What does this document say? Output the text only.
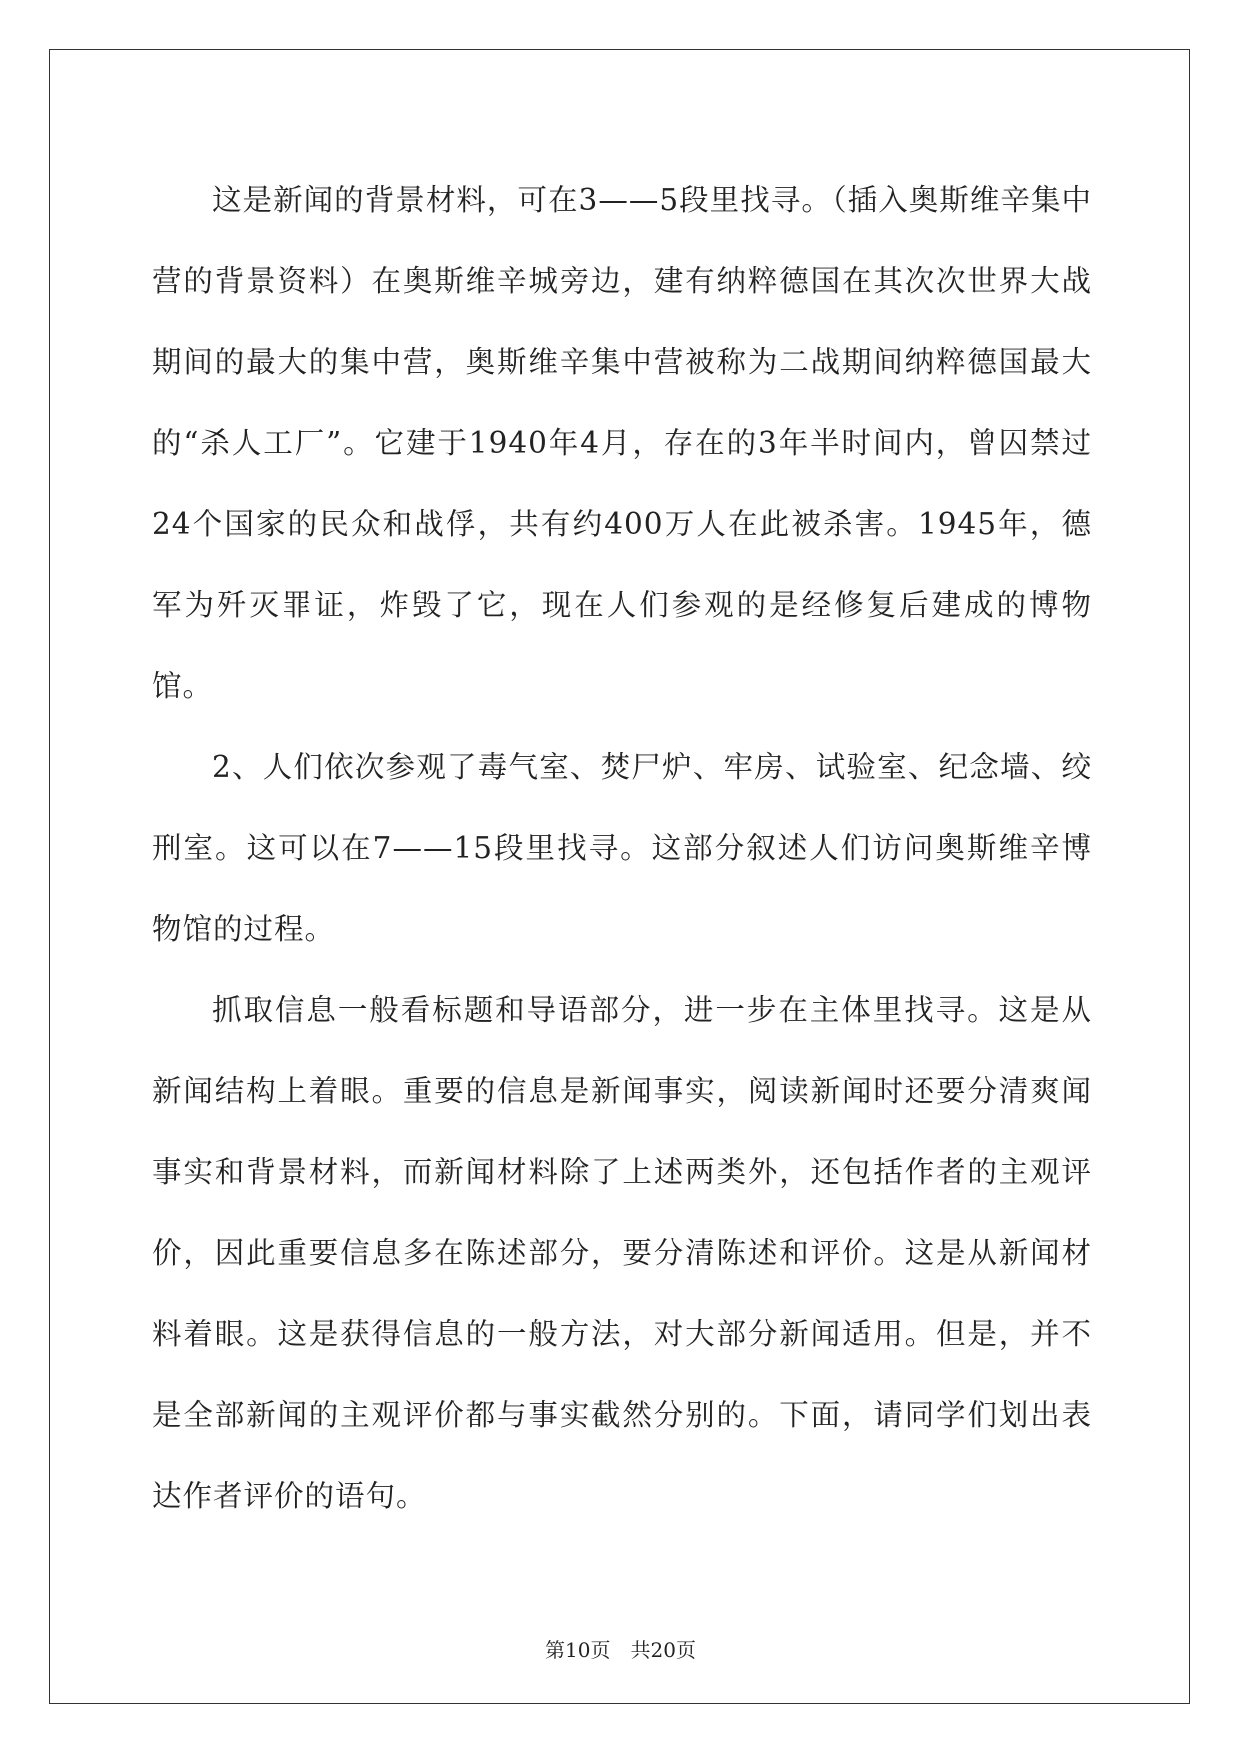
这是新闻的背景材料，可在3——5段里找寻。（插入奥斯维辛集中营的背景资料）在奥斯维辛城旁边，建有纳粹德国在其次次世界大战期间的最大的集中营，奥斯维辛集中营被称为二战期间纳粹德国最大的“杀人工厂”。它建于1940年4月，存在的3年半时间内，曾囚禁过24个国家的民众和战俘，共有约400万人在此被杀害。1945年，德军为歼灭罪证，炸毁了它，现在人们参观的是经修复后建成的博物馆。

2、人们依次参观了毒气室、焚尸炉、牢房、试验室、纪念墙、绞刑室。这可以在7——15段里找寻。这部分叙述人们访问奥斯维辛博物馆的过程。

抓取信息一般看标题和导语部分，进一步在主体里找寻。这是从新闻结构上着眼。重要的信息是新闻事实，阅读新闻时还要分清爽闻事实和背景材料，而新闻材料除了上述两类外，还包括作者的主观评价，因此重要信息多在陈述部分，要分清陈述和评价。这是从新闻材料着眼。这是获得信息的一般方法，对大部分新闻适用。但是，并不是全部新闻的主观评价都与事实截然分别的。下面，请同学们划出表达作者评价的语句。

第10页 共20页
